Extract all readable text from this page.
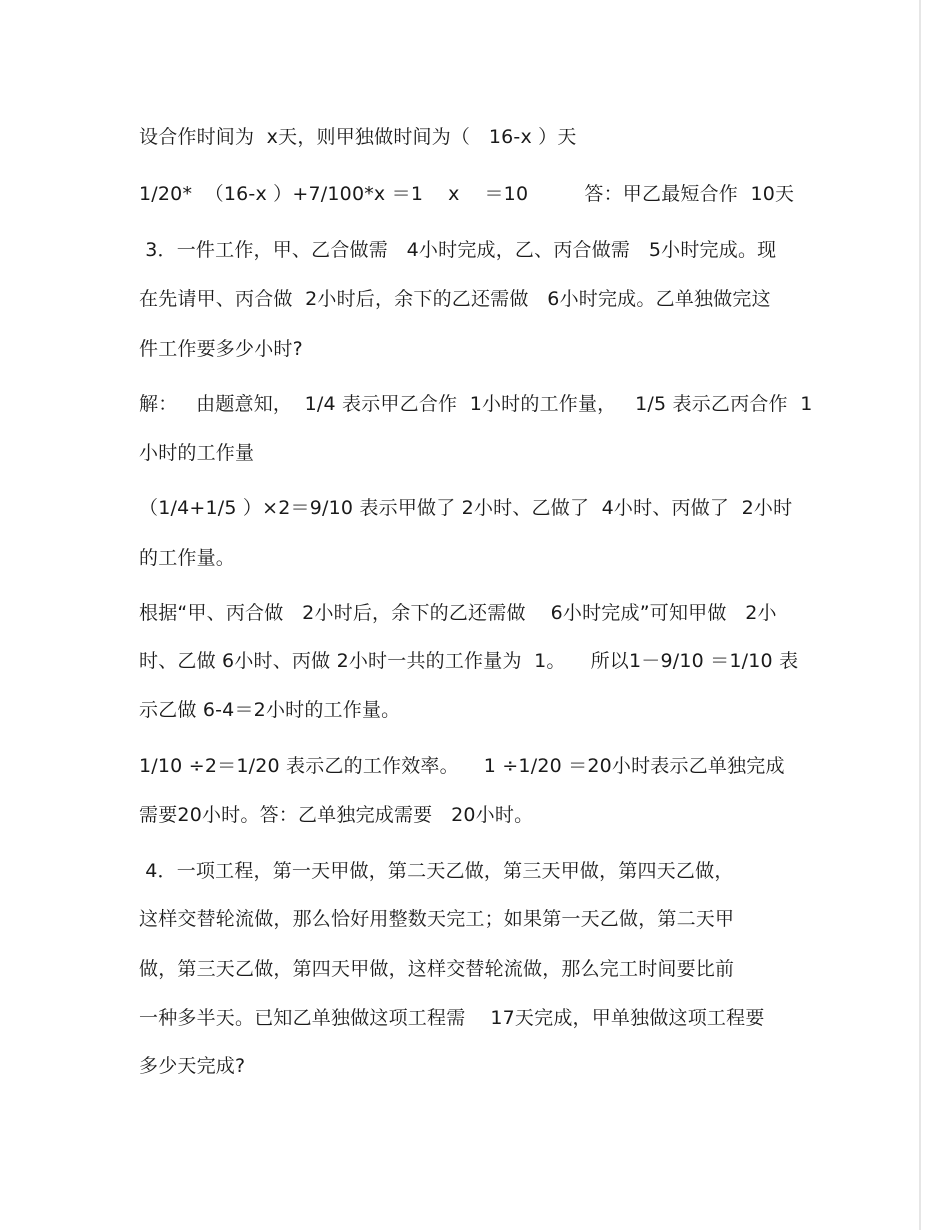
设合作时间为  x天，则甲独做时间为（   16-x ）天
1/20*  （16-x ）+7/100*x ＝1    x    ＝10         答：甲乙最短合作  10天
3．一件工作，甲、乙合做需   4小时完成，乙、丙合做需   5小时完成。现
在先请甲、丙合做  2小时后，余下的乙还需做   6小时完成。乙单独做完这
件工作要多少小时?
解：   由题意知，  1/4 表示甲乙合作  1小时的工作量，   1/5 表示乙丙合作  1
小时的工作量
（1/4+1/5 ）×2＝9/10 表示甲做了 2小时、乙做了  4小时、丙做了  2小时
的工作量。
根据“甲、丙合做   2小时后，余下的乙还需做    6小时完成”可知甲做   2小
时、乙做 6小时、丙做 2小时一共的工作量为  1。    所以1－9/10 ＝1/10 表
示乙做 6-4＝2小时的工作量。
1/10 ÷2＝1/20 表示乙的工作效率。    1 ÷1/20 ＝20小时表示乙单独完成
需要20小时。答：乙单独完成需要   20小时。
4．一项工程，第一天甲做，第二天乙做，第三天甲做，第四天乙做，
这样交替轮流做，那么恰好用整数天完工；如果第一天乙做，第二天甲
做，第三天乙做，第四天甲做，这样交替轮流做，那么完工时间要比前
一种多半天。已知乙单独做这项工程需    17天完成，甲单独做这项工程要
多少天完成?
